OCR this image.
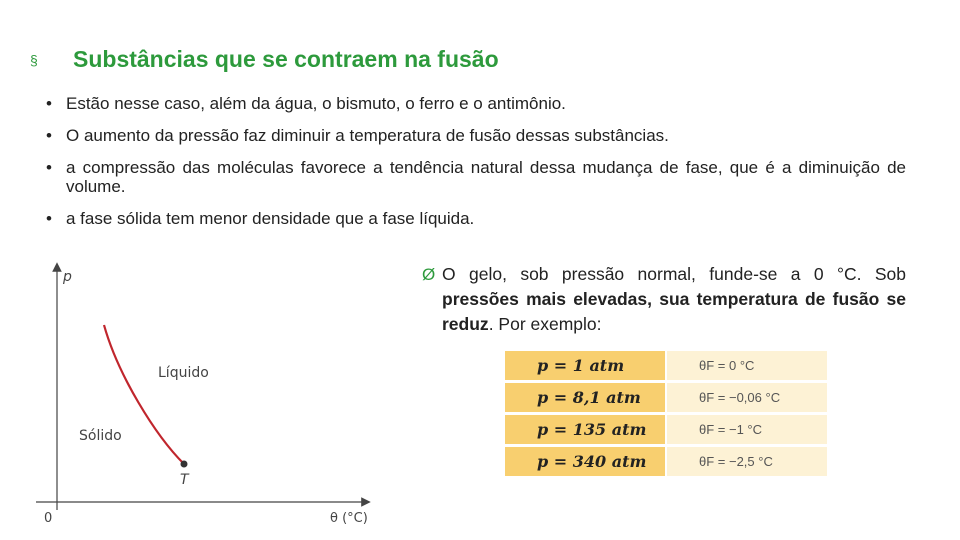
§ Substâncias que se contraem na fusão
• Estão nesse caso, além da água, o bismuto, o ferro e o antimônio.
• O aumento da pressão faz diminuir a temperatura de fusão dessas substâncias.
• a compressão das moléculas favorece a tendência natural dessa mudança de fase, que é a diminuição de volume.
• a fase sólida tem menor densidade que a fase líquida.
p
θ (°C)
0
Líquido
Sólido
T
Ø O gelo, sob pressão normal, funde-se a 0 °C. Sob pressões mais elevadas, sua temperatura de fusão se reduz. Por exemplo:
p = 1 atm	θF = 0 °C
p = 8,1 atm	θF = −0,06 °C
p = 135 atm	θF = −1 °C
p = 340 atm	θF = −2,5 °C
